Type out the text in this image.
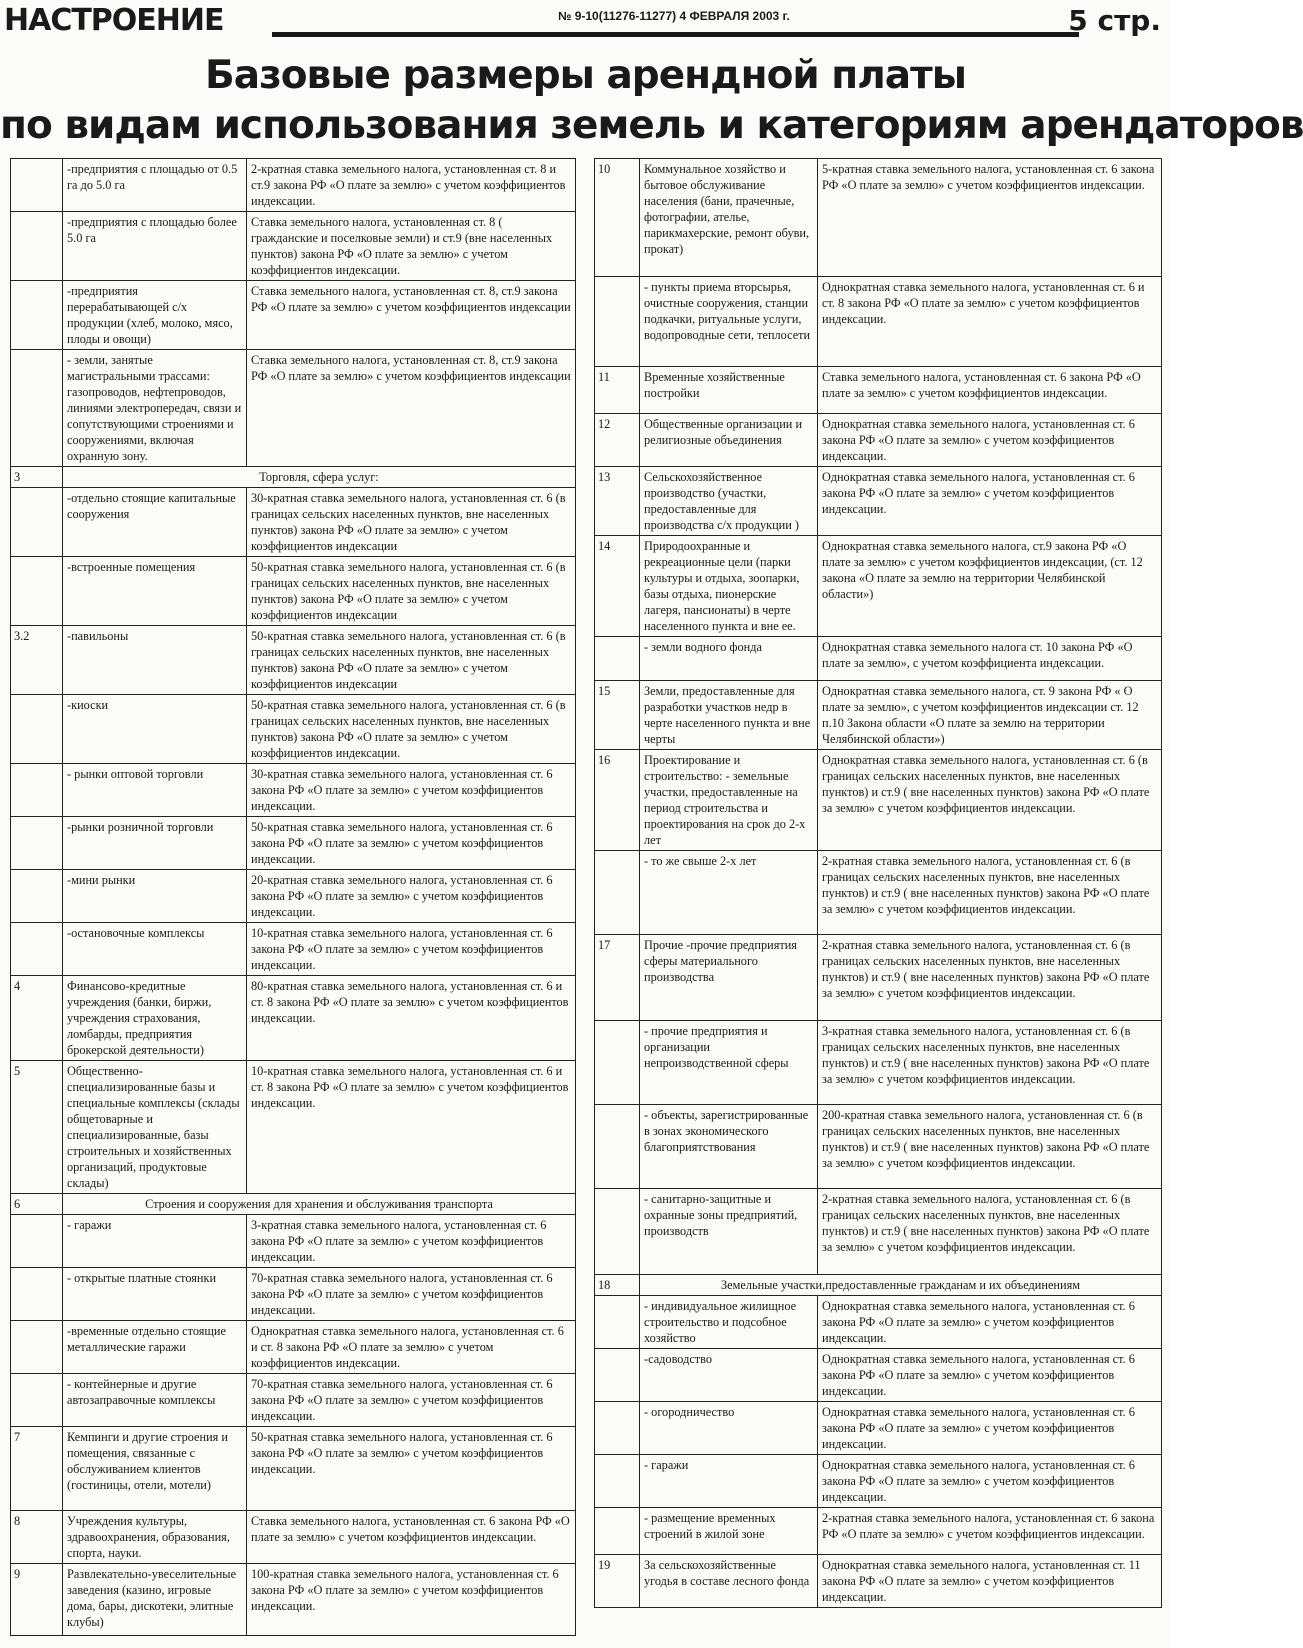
НАСТРОЕНИЕ	№ 9-10(11276-11277) 4 ФЕВРАЛЯ 2003 г.	5 стр.
Базовые размеры арендной платы
по видам использования земель и категориям арендаторов
	-предприятия с площадью от 0.5 га до 5.0 га	2-кратная ставка земельного налога, установленная ст. 8 и ст.9 закона РФ «О плате за землю» с учетом коэффициентов индексации.
	-предприятия с площадью более 5.0 га	Ставка земельного налога, установленная ст. 8 ( гражданские и поселковые земли) и ст.9 (вне населенных пунктов) закона РФ «О плате за землю» с учетом коэффициентов индексации.
	-предприятия перерабатывающей с/х продукции (хлеб, молоко, мясо, плоды и овощи)	Ставка земельного налога, установленная ст. 8, ст.9 закона РФ «О плате за землю» с учетом коэффициентов индексации
	- земли, занятые магистральными трассами: газопроводов, нефтепроводов, линиями электропередач, связи и сопутствующими строениями и сооружениями, включая охранную зону.	Ставка земельного налога, установленная ст. 8, ст.9 закона РФ «О плате за землю» с учетом коэффициентов индексации
3	Торговля, сфера услуг:	
	-отдельно стоящие капитальные сооружения	30-кратная ставка земельного налога, установленная ст. 6 (в границах сельских населенных пунктов, вне населенных пунктов) закона РФ «О плате за землю» с учетом коэффициентов индексации
	-встроенные помещения	50-кратная ставка земельного налога, установленная ст. 6 (в границах сельских населенных пунктов, вне населенных пунктов) закона РФ «О плате за землю» с учетом коэффициентов индексации
3.2	-павильоны	50-кратная ставка земельного налога, установленная ст. 6 (в границах сельских населенных пунктов, вне населенных пунктов) закона РФ «О плате за землю» с учетом коэффициентов индексации
	-киоски	50-кратная ставка земельного налога, установленная ст. 6 (в границах сельских населенных пунктов, вне населенных пунктов) закона РФ «О плате за землю» с учетом коэффициентов индексации.
	- рынки оптовой торговли	30-кратная ставка земельного налога, установленная ст. 6 закона РФ «О плате за землю» с учетом коэффициентов индексации.
	-рынки розничной торговли	50-кратная ставка земельного налога, установленная ст. 6 закона РФ «О плате за землю» с учетом коэффициентов индексации.
	-мини рынки	20-кратная ставка земельного налога, установленная ст. 6 закона РФ «О плате за землю» с учетом коэффициентов индексации.
	-остановочные комплексы	10-кратная ставка земельного налога, установленная ст. 6 закона РФ «О плате за землю» с учетом коэффициентов индексации.
4	Финансово-кредитные учреждения (банки, биржи, учреждения страхования, ломбарды, предприятия брокерской деятельности)	80-кратная ставка земельного налога, установленная ст. 6 и ст. 8 закона РФ «О плате за землю» с учетом коэффициентов индексации.
5	Общественно-специализированные базы и специальные комплексы (склады общетоварные и специализированные, базы строительных и хозяйственных организаций, продуктовые склады)	10-кратная ставка земельного налога, установленная ст. 6 и ст. 8 закона РФ «О плате за землю» с учетом коэффициентов индексации.
6	Строения и сооружения для хранения и обслуживания транспорта	
	- гаражи	3-кратная ставка земельного налога, установленная ст. 6 закона РФ «О плате за землю» с учетом коэффициентов индексации.
	- открытые платные стоянки	70-кратная ставка земельного налога, установленная ст. 6 закона РФ «О плате за землю» с учетом коэффициентов индексации.
	-временные отдельно стоящие металлические гаражи	Однократная ставка земельного налога, установленная ст. 6 и ст. 8 закона РФ «О плате за землю» с учетом коэффициентов индексации.
	- контейнерные и другие автозаправочные комплексы	70-кратная ставка земельного налога, установленная ст. 6 закона РФ «О плате за землю» с учетом коэффициентов индексации.
7	Кемпинги и другие строения и помещения, связанные с обслуживанием клиентов (гостиницы, отели, мотели)	50-кратная ставка земельного налога, установленная ст. 6 закона РФ «О плате за землю» с учетом коэффициентов индексации.
8	Учреждения культуры, здравоохранения, образования, спорта, науки.	Ставка земельного налога, установленная ст. 6 закона РФ «О плате за землю» с учетом коэффициентов индексации.
9	Развлекательно-увеселительные заведения (казино, игровые дома, бары, дискотеки, элитные клубы)	100-кратная ставка земельного налога, установленная ст. 6 закона РФ «О плате за землю» с учетом коэффициентов индексации.
10	Коммунальное хозяйство и бытовое обслуживание населения (бани, прачечные, фотографии, ателье, парикмахерские, ремонт обуви, прокат)	5-кратная ставка земельного налога, установленная ст. 6 закона РФ «О плате за землю» с учетом коэффициентов индексации.
	- пункты приема вторсырья, очистные сооружения, станции подкачки, ритуальные услуги, водопроводные сети, теплосети	Однократная ставка земельного налога, установленная ст. 6 и ст. 8 закона РФ «О плате за землю» с учетом коэффициентов индексации.
11	Временные хозяйственные постройки	Ставка земельного налога, установленная ст. 6 закона РФ «О плате за землю» с учетом коэффициентов индексации.
12	Общественные организации и религиозные объединения	Однократная ставка земельного налога, установленная ст. 6 закона РФ «О плате за землю» с учетом коэффициентов индексации.
13	Сельскохозяйственное производство (участки, предоставленные для производства с/х продукции )	Однократная ставка земельного налога, установленная ст. 6 закона РФ «О плате за землю» с учетом коэффициентов индексации.
14	Природоохранные и рекреационные цели (парки культуры и отдыха, зоопарки, базы отдыха, пионерские лагеря, пансионаты) в черте населенного пункта и вне ее.	Однократная ставка земельного налога, ст.9 закона РФ «О плате за землю» с учетом коэффициентов индексации, (ст. 12 закона «О плате за землю на территории Челябинской области»)
	- земли водного фонда	Однократная ставка земельного налога ст. 10 закона РФ «О плате за землю», с учетом коэффициента индексации.
15	Земли, предоставленные для разработки участков недр в черте населенного пункта и вне черты	Однократная ставка земельного налога, ст. 9 закона РФ « О плате за землю», с учетом коэффициентов индексации ст. 12 п.10 Закона области «О плате за землю на территории Челябинской области»)
16	Проектирование и строительство: - земельные участки, предоставленные на период строительства и проектирования на срок до 2-х лет	Однократная ставка земельного налога, установленная ст. 6 (в границах сельских населенных пунктов, вне населенных пунктов) и ст.9 ( вне населенных пунктов) закона РФ «О плате за землю» с учетом коэффициентов индексации.
	- то же свыше 2-х лет	2-кратная ставка земельного налога, установленная ст. 6 (в границах сельских населенных пунктов, вне населенных пунктов) и ст.9 ( вне населенных пунктов) закона РФ «О плате за землю» с учетом коэффициентов индексации.
17	Прочие -прочие предприятия сферы материального производства	2-кратная ставка земельного налога, установленная ст. 6 (в границах сельских населенных пунктов, вне населенных пунктов) и ст.9 ( вне населенных пунктов) закона РФ «О плате за землю» с учетом коэффициентов индексации.
	- прочие предприятия и организации непроизводственной сферы	3-кратная ставка земельного налога, установленная ст. 6 (в границах сельских населенных пунктов, вне населенных пунктов) и ст.9 ( вне населенных пунктов) закона РФ «О плате за землю» с учетом коэффициентов индексации.
	- объекты, зарегистрированные в зонах экономического благоприятствования	200-кратная ставка земельного налога, установленная ст. 6 (в границах сельских населенных пунктов, вне населенных пунктов) и ст.9 ( вне населенных пунктов) закона РФ «О плате за землю» с учетом коэффициентов индексации.
	- санитарно-защитные и охранные зоны предприятий, производств	2-кратная ставка земельного налога, установленная ст. 6 (в границах сельских населенных пунктов, вне населенных пунктов) и ст.9 ( вне населенных пунктов) закона РФ «О плате за землю» с учетом коэффициентов индексации.
18	Земельные участки,предоставленные гражданам и их объединениям	
	- индивидуальное жилищное строительство и подсобное хозяйство	Однократная ставка земельного налога, установленная ст. 6 закона РФ «О плате за землю» с учетом коэффициентов индексации.
	-садоводство	Однократная ставка земельного налога, установленная ст. 6 закона РФ «О плате за землю» с учетом коэффициентов индексации.
	- огородничество	Однократная ставка земельного налога, установленная ст. 6 закона РФ «О плате за землю» с учетом коэффициентов индексации.
	- гаражи	Однократная ставка земельного налога, установленная ст. 6 закона РФ «О плате за землю» с учетом коэффициентов индексации.
	- размещение временных строений в жилой зоне	2-кратная ставка земельного налога, установленная ст. 6 закона РФ «О плате за землю» с учетом коэффициентов индексации.
19	За сельскохозяйственные угодья в составе лесного фонда	Однократная ставка земельного налога, установленная ст. 11 закона РФ «О плате за землю» с учетом коэффициентов индексации.
